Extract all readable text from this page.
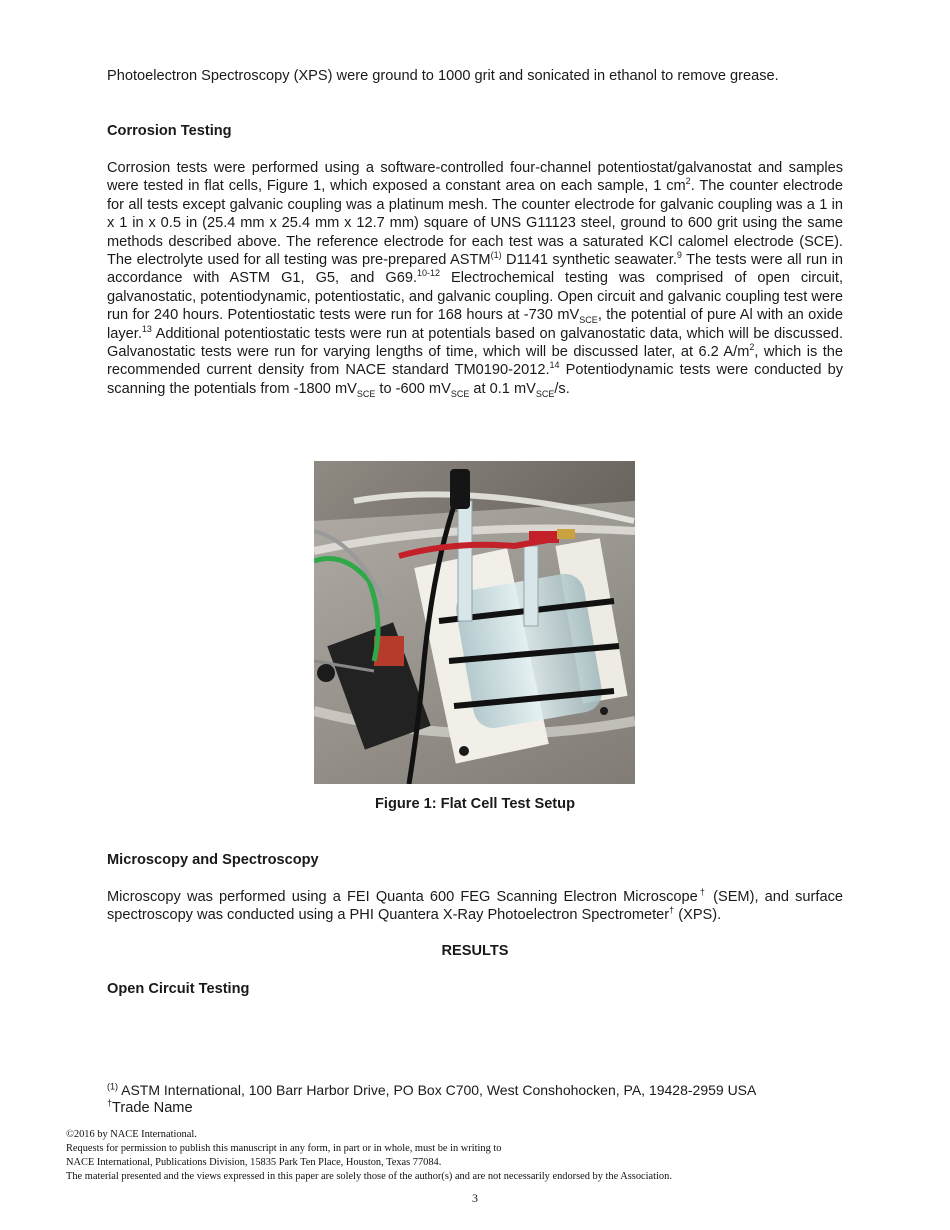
Photoelectron Spectroscopy (XPS) were ground to 1000 grit and sonicated in ethanol to remove grease.

Corrosion Testing

Corrosion tests were performed using a software-controlled four-channel potentiostat/galvanostat and samples were tested in flat cells, Figure 1, which exposed a constant area on each sample, 1 $cm^2$. The counter electrode for all tests except galvanic coupling was a platinum mesh. The counter electrode for galvanic coupling was a 1 in x 1 in x 0.5 in (25.4 mm x 25.4 mm x 12.7 mm) square of UNS G11123 steel, ground to 600 grit using the same methods described above. The reference electrode for each test was a saturated KCl calomel electrode (SCE). The electrolyte used for all testing was pre-prepared ASTM$^{(1)}$ D1141 synthetic seawater.$^9$ The tests were all run in accordance with ASTM G1, G5, and G69.$^{10-12}$ Electrochemical testing was comprised of open circuit, galvanostatic, potentiodynamic, potentiostatic, and galvanic coupling. Open circuit and galvanic coupling test were run for 240 hours. Potentiostatic tests were run for 168 hours at -730 $mV_{SCE}$, the potential of pure Al with an oxide layer.$^{13}$ Additional potentiostatic tests were run at potentials based on galvanostatic data, which will be discussed. Galvanostatic tests were run for varying lengths of time, which will be discussed later, at 6.2 $A/m^2$, which is the recommended current density from NACE standard TM0190-2012.14 Potentiodynamic tests were conducted by scanning the potentials from -1800 $mV_{SCE}$ to -600 $mV_{SCE}$ at 0.1 $mV_{SCE}/s$.

Figure 1: Flat Cell Test Setup

Microscopy and Spectroscopy

Microscopy was performed using a FEI Quanta 600 FEG Scanning Electron Microscope† (SEM), and surface spectroscopy was conducted using a PHI Quantera X-Ray Photoelectron Spectrometer† (XPS).

RESULTS

Open Circuit Testing

$^{(1)}$ ASTM International, 100 Barr Harbor Drive, PO Box C700, West Conshohocken, PA, 19428-2959 USA
†Trade Name
©2016 by NACE International.
Requests for permission to publish this manuscript in any form, in part or in whole, must be in writing to
NACE International, Publications Division, 15835 Park Ten Place, Houston, Texas 77084.
The material presented and the views expressed in this paper are solely those of the author(s) and are not necessarily endorsed by the Association.
3
